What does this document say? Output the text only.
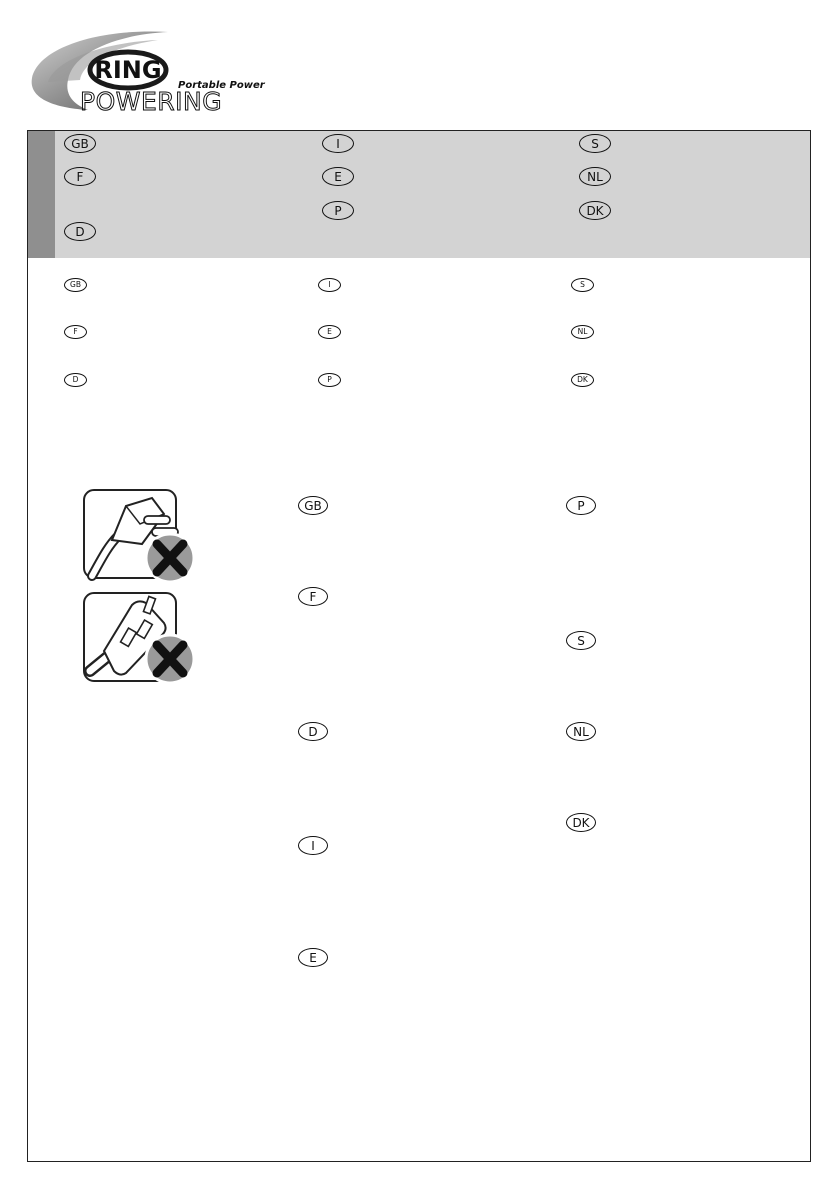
RING
Portable Power
POWERING
GB
F
D
I
E
P
S
NL
DK
GB
F
D
I
E
P
S
NL
DK
GB
F
D
I
E
P
S
NL
DK
